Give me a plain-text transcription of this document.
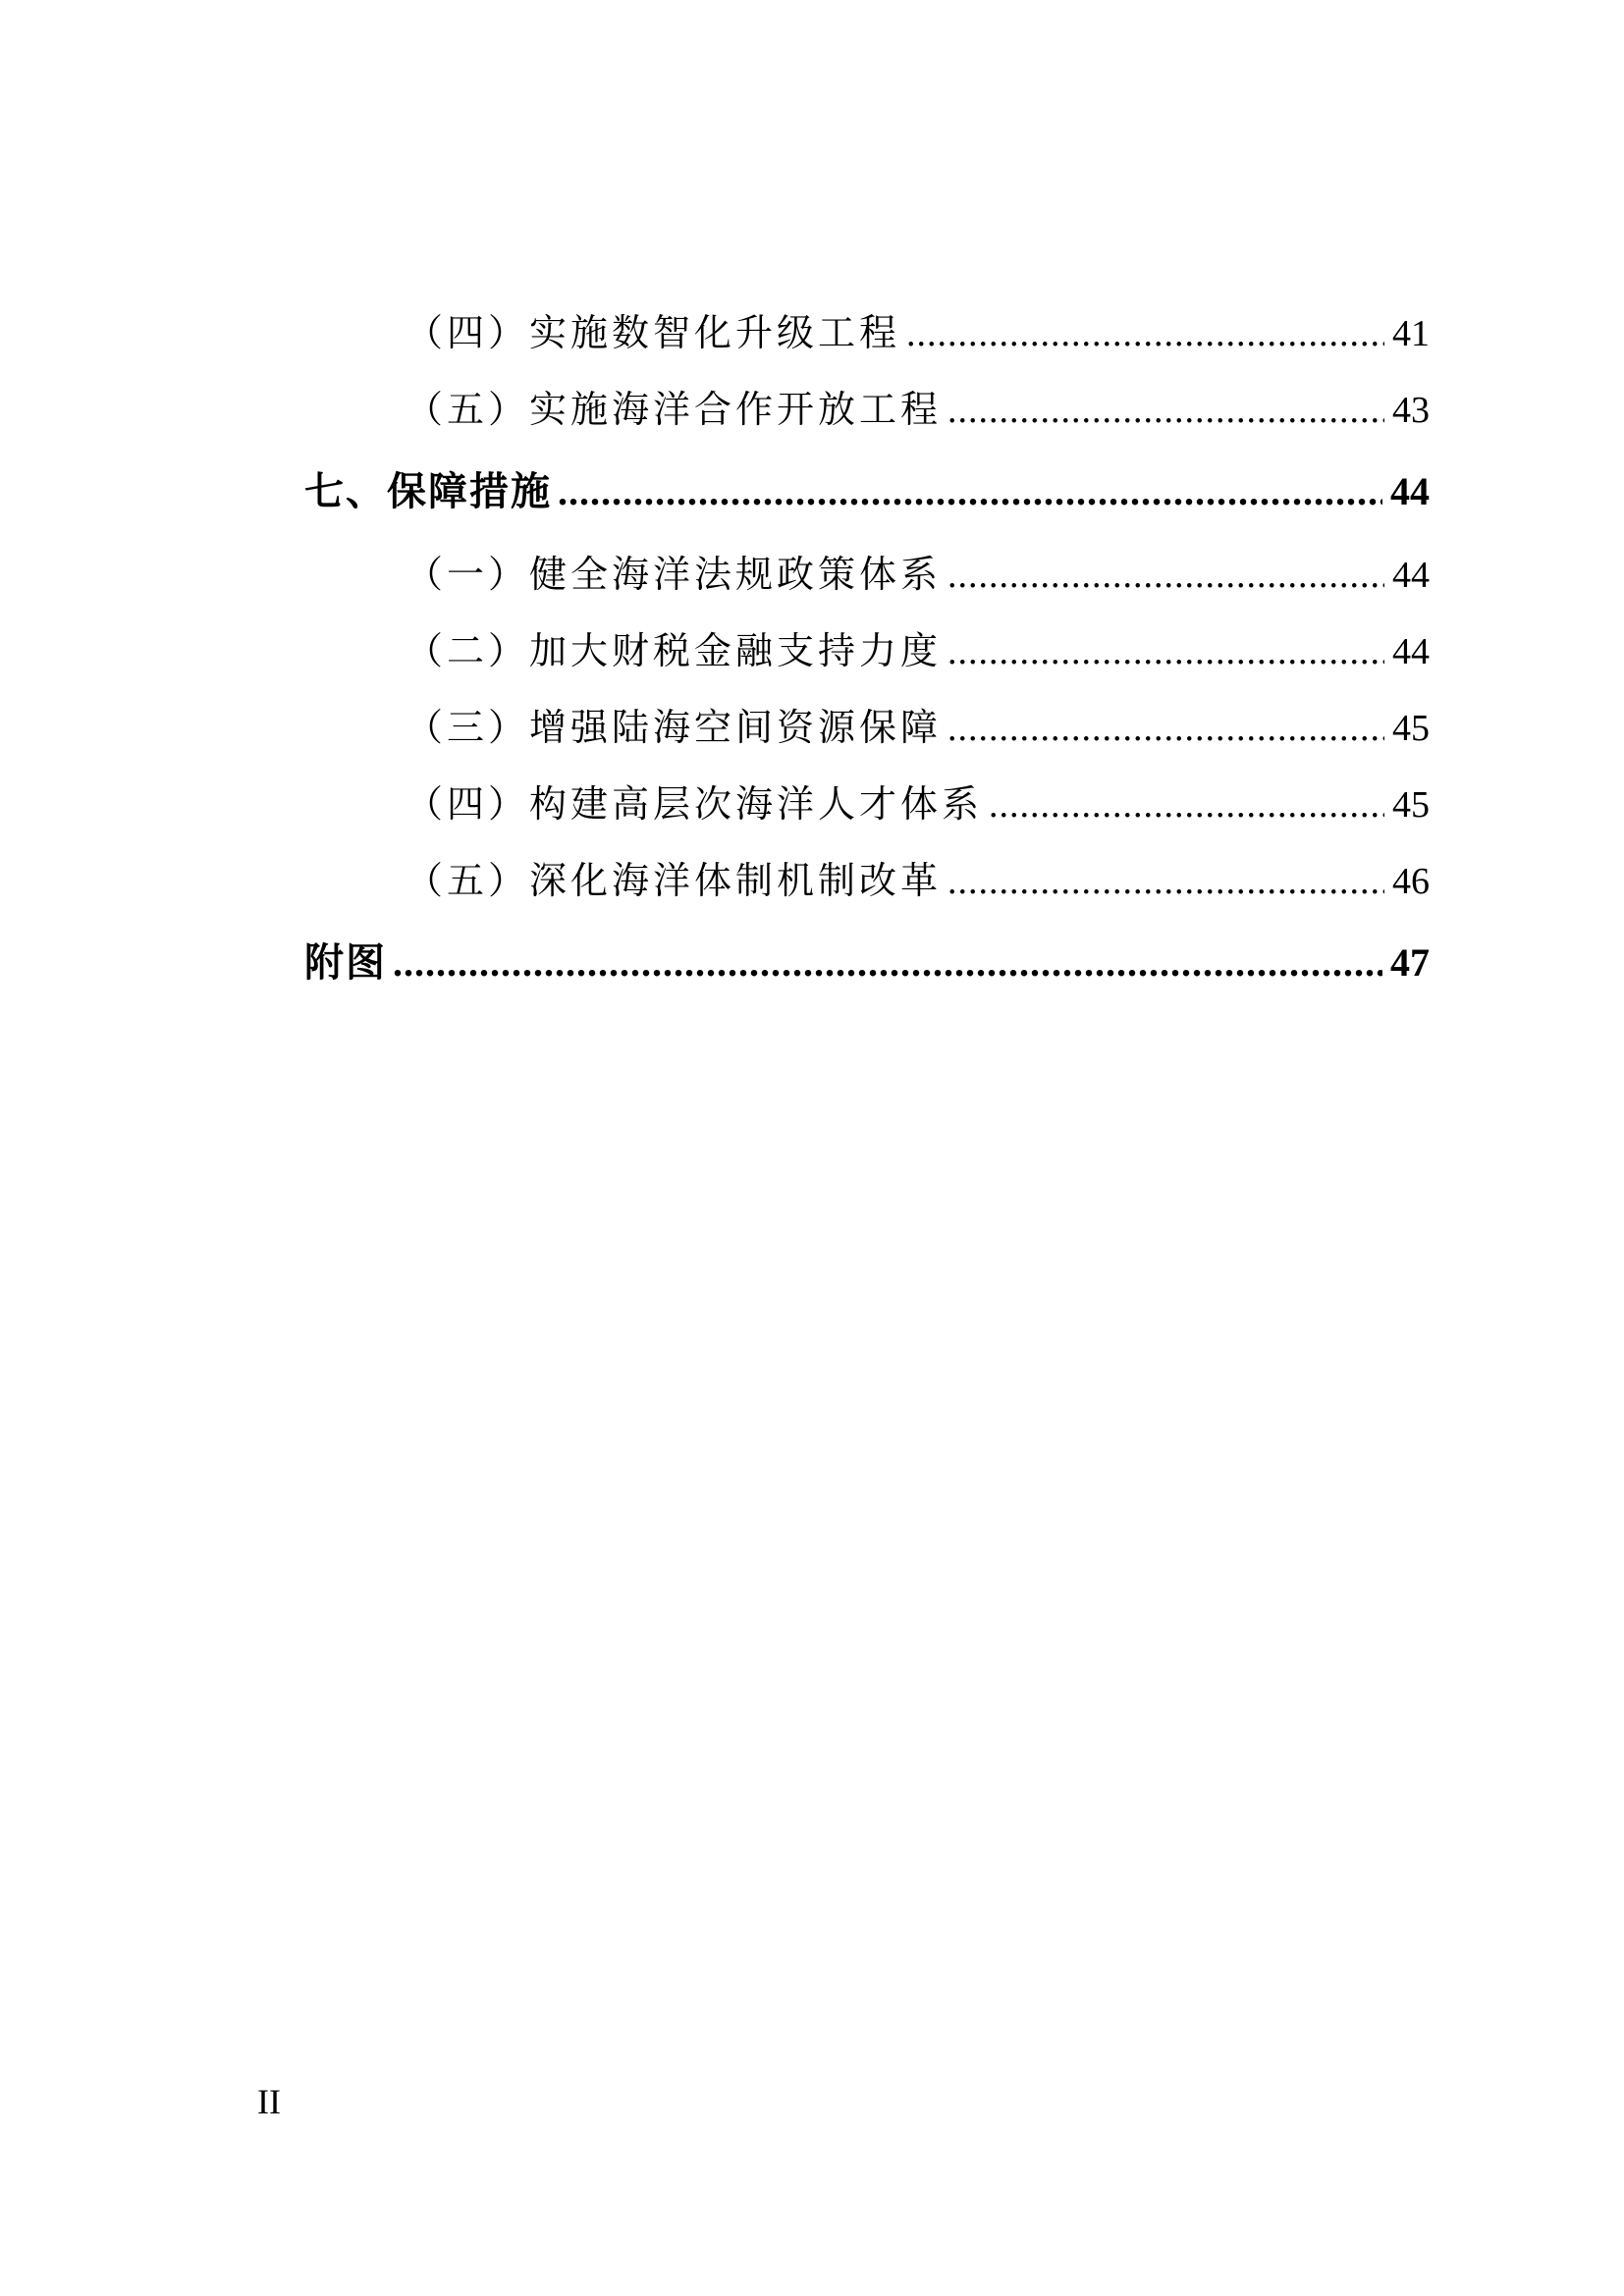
（四）实施数智化升级工程 .....	41
（五）实施海洋合作开放工程 .....	43
七、保障措施 .....	44
（一）健全海洋法规政策体系 .....	44
（二）加大财税金融支持力度 .....	44
（三）增强陆海空间资源保障 .....	45
（四）构建高层次海洋人才体系 .....	45
（五）深化海洋体制机制改革 .....	46
附图 .....	47
II
